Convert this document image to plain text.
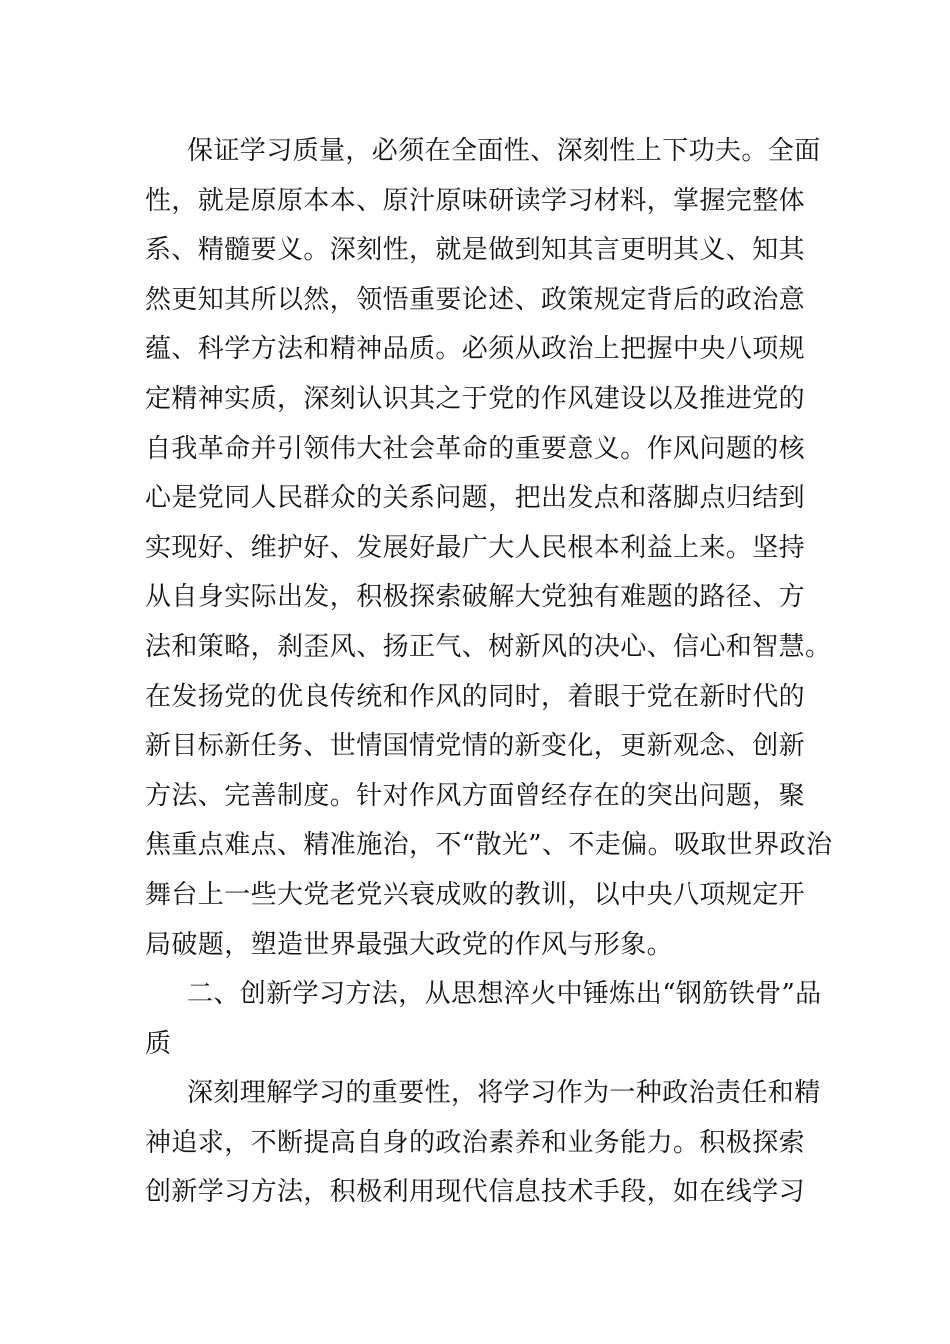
保证学习质量，必须在全面性、深刻性上下功夫。全面
性，就是原原本本、原汁原味研读学习材料，掌握完整体
系、精髓要义。深刻性，就是做到知其言更明其义、知其
然更知其所以然，领悟重要论述、政策规定背后的政治意
蕴、科学方法和精神品质。必须从政治上把握中央八项规
定精神实质，深刻认识其之于党的作风建设以及推进党的
自我革命并引领伟大社会革命的重要意义。作风问题的核
心是党同人民群众的关系问题，把出发点和落脚点归结到
实现好、维护好、发展好最广大人民根本利益上来。坚持
从自身实际出发，积极探索破解大党独有难题的路径、方
法和策略，刹歪风、扬正气、树新风的决心、信心和智慧。
在发扬党的优良传统和作风的同时，着眼于党在新时代的
新目标新任务、世情国情党情的新变化，更新观念、创新
方法、完善制度。针对作风方面曾经存在的突出问题，聚
焦重点难点、精准施治，不“散光”、不走偏。吸取世界政治
舞台上一些大党老党兴衰成败的教训，以中央八项规定开
局破题，塑造世界最强大政党的作风与形象。
二、创新学习方法，从思想淬火中锤炼出“钢筋铁骨”品
质
深刻理解学习的重要性，将学习作为一种政治责任和精
神追求，不断提高自身的政治素养和业务能力。积极探索
创新学习方法，积极利用现代信息技术手段，如在线学习
